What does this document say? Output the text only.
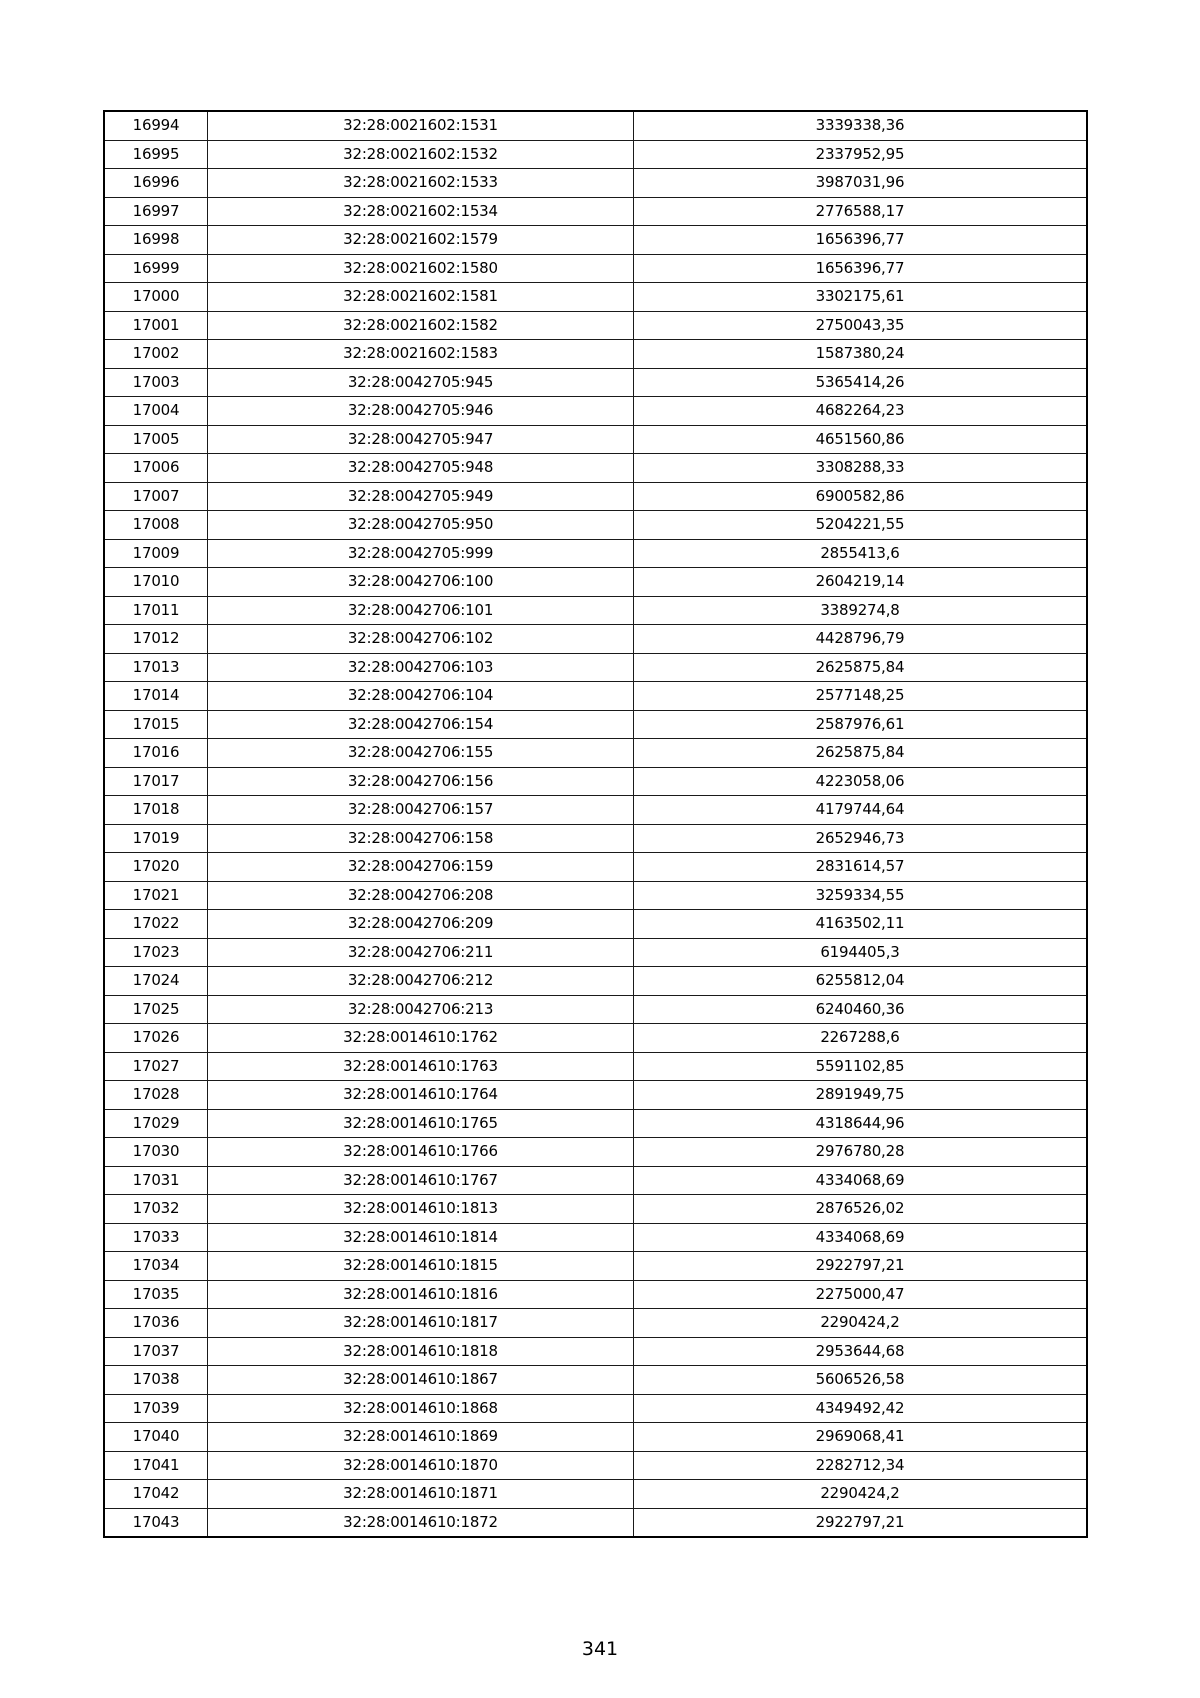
16994	32:28:0021602:1531	3339338,36
16995	32:28:0021602:1532	2337952,95
16996	32:28:0021602:1533	3987031,96
16997	32:28:0021602:1534	2776588,17
16998	32:28:0021602:1579	1656396,77
16999	32:28:0021602:1580	1656396,77
17000	32:28:0021602:1581	3302175,61
17001	32:28:0021602:1582	2750043,35
17002	32:28:0021602:1583	1587380,24
17003	32:28:0042705:945	5365414,26
17004	32:28:0042705:946	4682264,23
17005	32:28:0042705:947	4651560,86
17006	32:28:0042705:948	3308288,33
17007	32:28:0042705:949	6900582,86
17008	32:28:0042705:950	5204221,55
17009	32:28:0042705:999	2855413,6
17010	32:28:0042706:100	2604219,14
17011	32:28:0042706:101	3389274,8
17012	32:28:0042706:102	4428796,79
17013	32:28:0042706:103	2625875,84
17014	32:28:0042706:104	2577148,25
17015	32:28:0042706:154	2587976,61
17016	32:28:0042706:155	2625875,84
17017	32:28:0042706:156	4223058,06
17018	32:28:0042706:157	4179744,64
17019	32:28:0042706:158	2652946,73
17020	32:28:0042706:159	2831614,57
17021	32:28:0042706:208	3259334,55
17022	32:28:0042706:209	4163502,11
17023	32:28:0042706:211	6194405,3
17024	32:28:0042706:212	6255812,04
17025	32:28:0042706:213	6240460,36
17026	32:28:0014610:1762	2267288,6
17027	32:28:0014610:1763	5591102,85
17028	32:28:0014610:1764	2891949,75
17029	32:28:0014610:1765	4318644,96
17030	32:28:0014610:1766	2976780,28
17031	32:28:0014610:1767	4334068,69
17032	32:28:0014610:1813	2876526,02
17033	32:28:0014610:1814	4334068,69
17034	32:28:0014610:1815	2922797,21
17035	32:28:0014610:1816	2275000,47
17036	32:28:0014610:1817	2290424,2
17037	32:28:0014610:1818	2953644,68
17038	32:28:0014610:1867	5606526,58
17039	32:28:0014610:1868	4349492,42
17040	32:28:0014610:1869	2969068,41
17041	32:28:0014610:1870	2282712,34
17042	32:28:0014610:1871	2290424,2
17043	32:28:0014610:1872	2922797,21
341
